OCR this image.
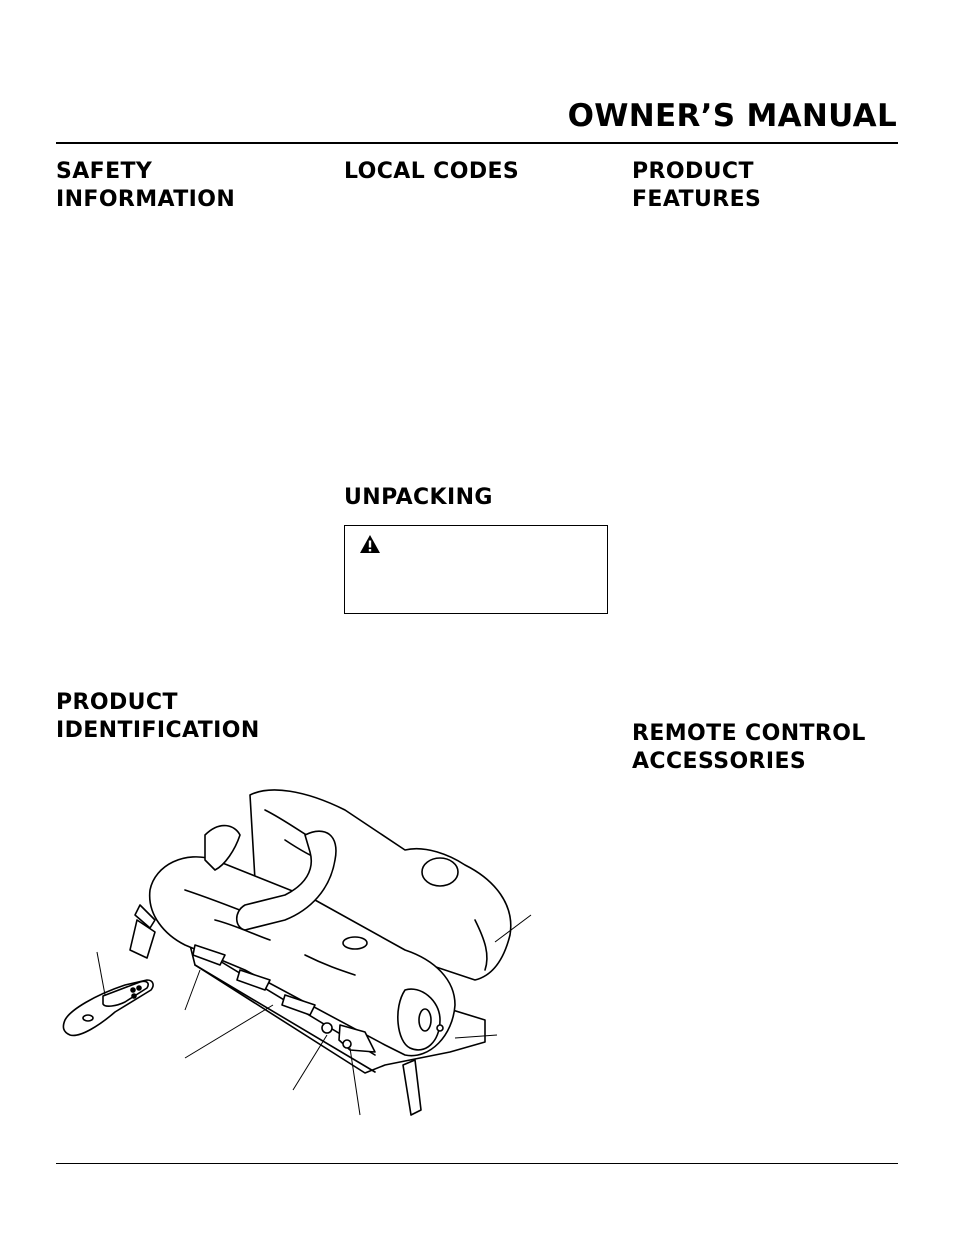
OWNER’S MANUAL
SAFETY
INFORMATION
LOCAL CODES	PRODUCT
FEATURES
UNPACKING
PRODUCT
IDENTIFICATION	REMOTE CONTROL
ACCESSORIES
